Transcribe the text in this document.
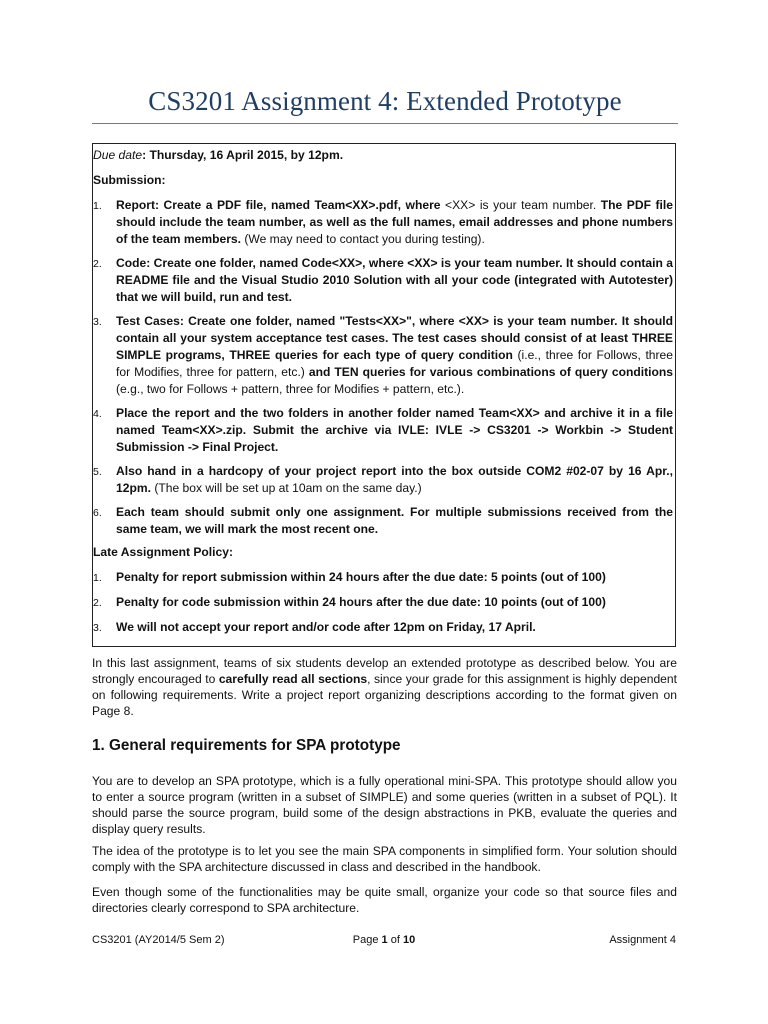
CS3201 Assignment 4: Extended Prototype

Due date: Thursday, 16 April 2015, by 12pm.

Submission:

1. Report: Create a PDF file, named Team<XX>.pdf, where <XX> is your team number. The PDF file should include the team number, as well as the full names, email addresses and phone numbers of the team members. (We may need to contact you during testing).
2. Code: Create one folder, named Code<XX>, where <XX> is your team number. It should contain a README file and the Visual Studio 2010 Solution with all your code (integrated with Autotester) that we will build, run and test.
3. Test Cases: Create one folder, named "Tests<XX>", where <XX> is your team number. It should contain all your system acceptance test cases. The test cases should consist of at least THREE SIMPLE programs, THREE queries for each type of query condition (i.e., three for Follows, three for Modifies, three for pattern, etc.) and TEN queries for various combinations of query conditions (e.g., two for Follows + pattern, three for Modifies + pattern, etc.).
4. Place the report and the two folders in another folder named Team<XX> and archive it in a file named Team<XX>.zip. Submit the archive via IVLE: IVLE -> CS3201 -> Workbin -> Student Submission -> Final Project.
5. Also hand in a hardcopy of your project report into the box outside COM2 #02-07 by 16 Apr., 12pm. (The box will be set up at 10am on the same day.)
6. Each team should submit only one assignment. For multiple submissions received from the same team, we will mark the most recent one.

Late Assignment Policy:

1. Penalty for report submission within 24 hours after the due date: 5 points (out of 100)
2. Penalty for code submission within 24 hours after the due date: 10 points (out of 100)
3. We will not accept your report and/or code after 12pm on Friday, 17 April.
In this last assignment, teams of six students develop an extended prototype as described below. You are strongly encouraged to carefully read all sections, since your grade for this assignment is highly dependent on following requirements. Write a project report organizing descriptions according to the format given on Page 8.
1. General requirements for SPA prototype
You are to develop an SPA prototype, which is a fully operational mini-SPA. This prototype should allow you to enter a source program (written in a subset of SIMPLE) and some queries (written in a subset of PQL). It should parse the source program, build some of the design abstractions in PKB, evaluate the queries and display query results.
The idea of the prototype is to let you see the main SPA components in simplified form. Your solution should comply with the SPA architecture discussed in class and described in the handbook.
Even though some of the functionalities may be quite small, organize your code so that source files and directories clearly correspond to SPA architecture.
CS3201 (AY2014/5 Sem 2)	Page 1 of 10	Assignment 4
